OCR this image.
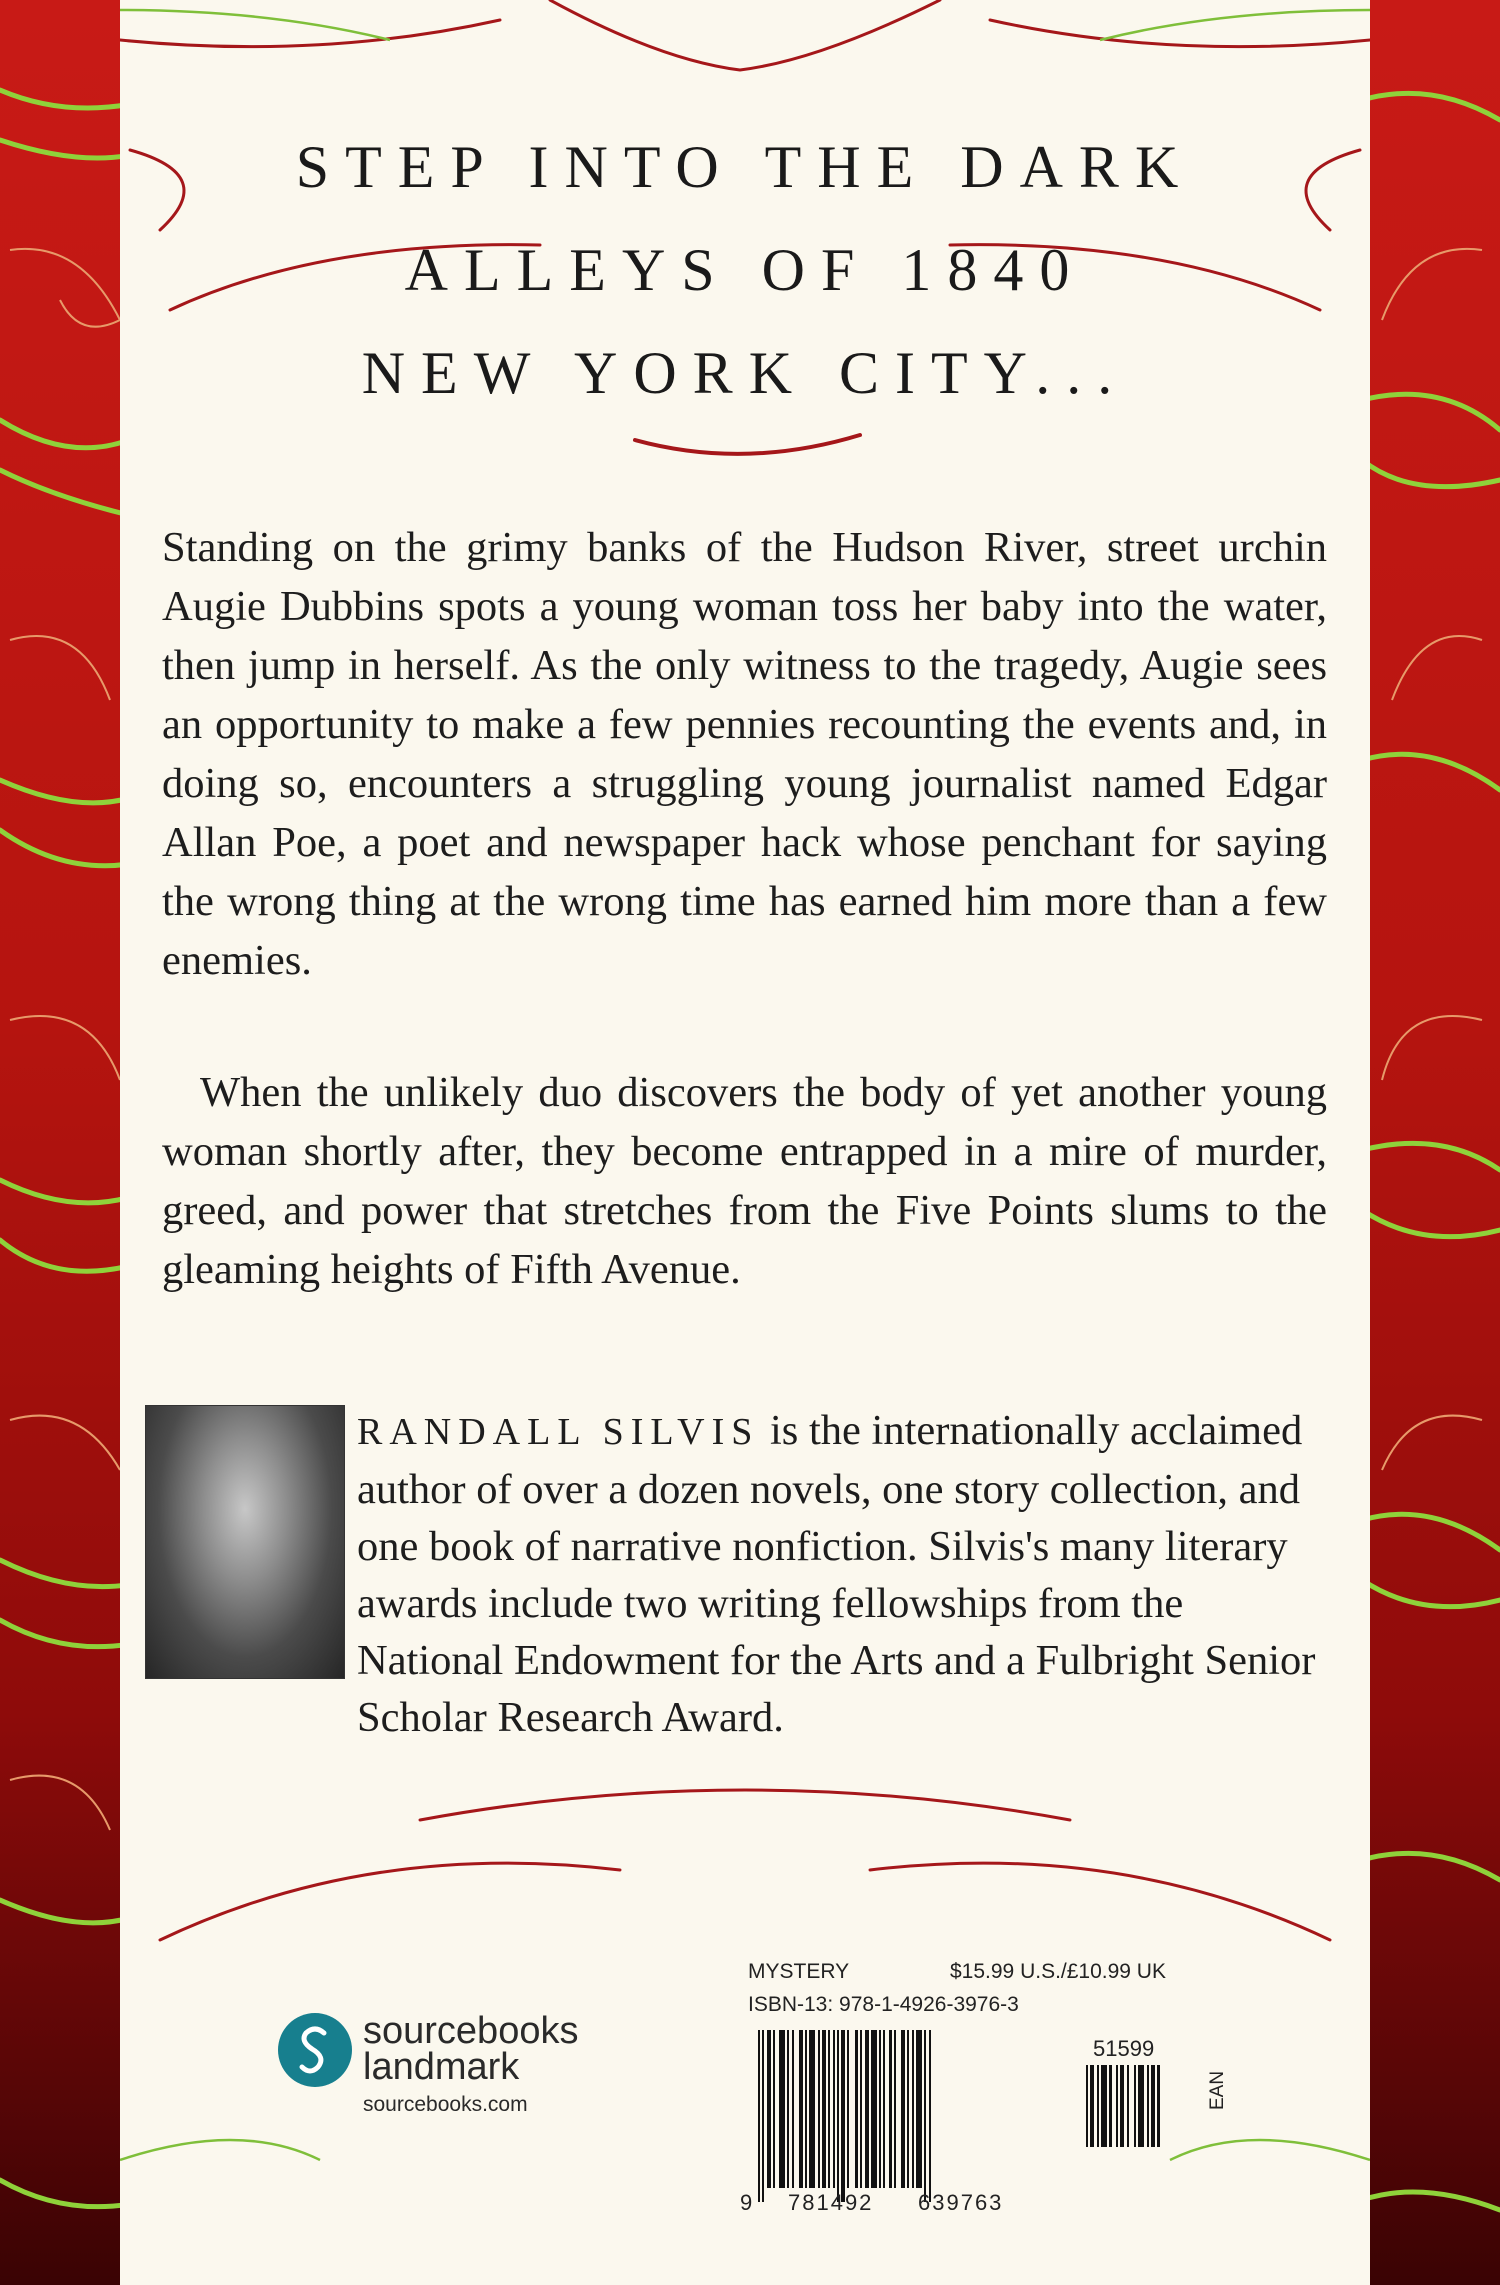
STEP INTO THE DARK
ALLEYS OF 1840
NEW YORK CITY...

Standing on the grimy banks of the Hudson River, street urchin Augie Dubbins spots a young woman toss her baby into the water, then jump in herself. As the only witness to the tragedy, Augie sees an opportunity to make a few pennies recounting the events and, in doing so, encounters a struggling young journalist named Edgar Allan Poe, a poet and newspaper hack whose penchant for saying the wrong thing at the wrong time has earned him more than a few enemies.

When the unlikely duo discovers the body of yet another young woman shortly after, they become entrapped in a mire of murder, greed, and power that stretches from the Five Points slums to the gleaming heights of Fifth Avenue.

RANDALL SILVIS is the internationally acclaimed author of over a dozen novels, one story collection, and one book of narrative nonfiction. Silvis's many literary awards include two writing fellowships from the National Endowment for the Arts and a Fulbright Senior Scholar Research Award.

sourcebooks
landmark
sourcebooks.com
MYSTERY	$15.99 U.S./£10.99 UK
ISBN-13: 978-1-4926-3976-3
9 781492 639763
51599
EAN
